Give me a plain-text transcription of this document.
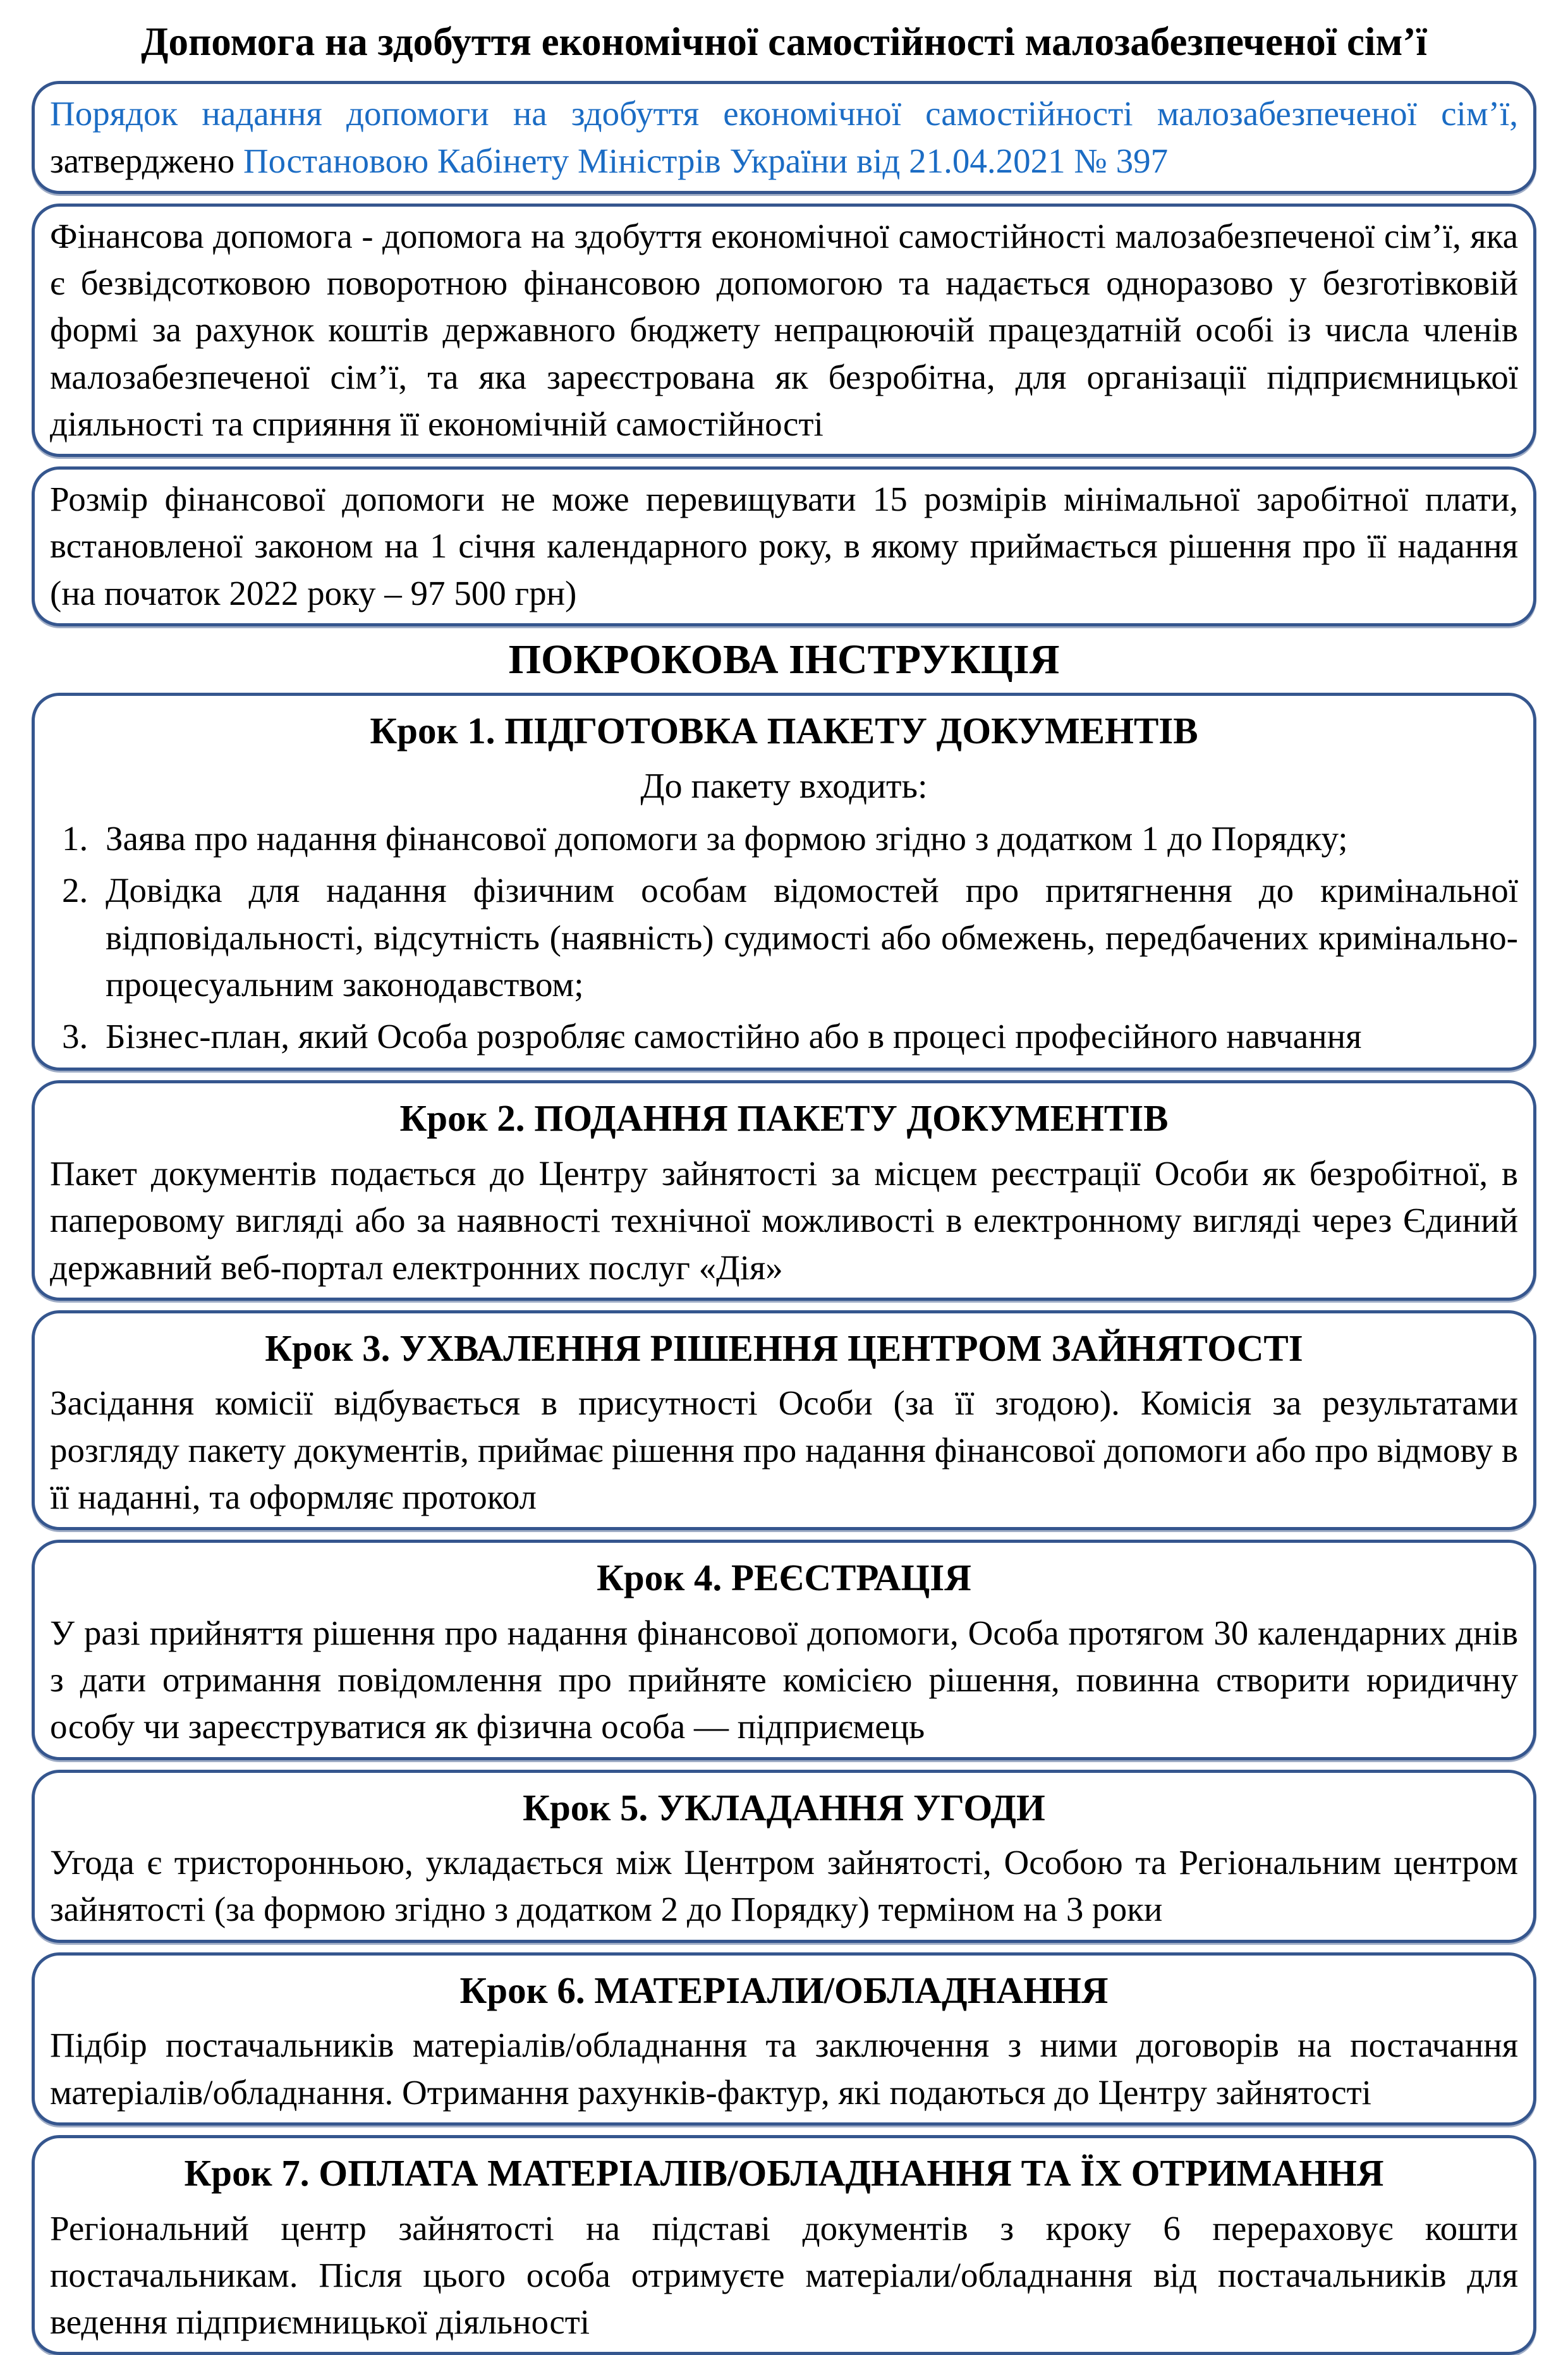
Допомога на здобуття економічної самостійності малозабезпеченої сім’ї

Порядок надання допомоги на здобуття економічної самостійності малозабезпеченої сім’ї, затверджено Постановою Кабінету Міністрів України від 21.04.2021 № 397

Фінансова допомога - допомога на здобуття економічної самостійності малозабезпеченої сім’ї, яка є безвідсотковою поворотною фінансовою допомогою та надається одноразово у безготівковій формі за рахунок коштів державного бюджету непрацюючій працездатній особі із числа членів малозабезпеченої сім’ї, та яка зареєстрована як безробітна, для організації підприємницької діяльності та сприяння її економічній самостійності

Розмір фінансової допомоги не може перевищувати 15 розмірів мінімальної заробітної плати, встановленої законом на 1 січня календарного року, в якому приймається рішення про її надання (на початок 2022 року – 97 500 грн)

ПОКРОКОВА ІНСТРУКЦІЯ
Крок 1. ПІДГОТОВКА ПАКЕТУ ДОКУМЕНТІВ
До пакету входить:
1. Заява про надання фінансової допомоги за формою згідно з додатком 1 до Порядку;
2. Довідка для надання фізичним особам відомостей про притягнення до кримінальної відповідальності, відсутність (наявність) судимості або обмежень, передбачених кримінально-процесуальним законодавством;
3. Бізнес-план, який Особа розробляє самостійно або в процесі професійного навчання
Крок 2. ПОДАННЯ ПАКЕТУ ДОКУМЕНТІВ

Пакет документів подається до Центру зайнятості за місцем реєстрації Особи як безробітної, в паперовому вигляді або за наявності технічної можливості в електронному вигляді через Єдиний державний веб-портал електронних послуг «Дія»

Крок 3. УХВАЛЕННЯ РІШЕННЯ ЦЕНТРОМ ЗАЙНЯТОСТІ

Засідання комісії відбувається в присутності Особи (за її згодою). Комісія за результатами розгляду пакету документів, приймає рішення про надання фінансової допомоги або про відмову в її наданні, та оформляє протокол

Крок 4. РЕЄСТРАЦІЯ

У разі прийняття рішення про надання фінансової допомоги, Особа протягом 30 календарних днів з дати отримання повідомлення про прийняте комісією рішення, повинна створити юридичну особу чи зареєструватися як фізична особа — підприємець

Крок 5. УКЛАДАННЯ УГОДИ

Угода є тристоронньою, укладається між Центром зайнятості, Особою та Регіональним центром зайнятості (за формою згідно з додатком 2 до Порядку) терміном на 3 роки

Крок 6. МАТЕРІАЛИ/ОБЛАДНАННЯ

Підбір постачальників матеріалів/обладнання та заключення з ними договорів на постачання матеріалів/обладнання. Отримання рахунків-фактур, які подаються до Центру зайнятості

Крок 7. ОПЛАТА МАТЕРІАЛІВ/ОБЛАДНАННЯ ТА ЇХ ОТРИМАННЯ

Регіональний центр зайнятості на підставі документів з кроку 6 перераховує кошти постачальникам. Після цього особа отримуєте матеріали/обладнання від постачальників для ведення підприємницької діяльності
